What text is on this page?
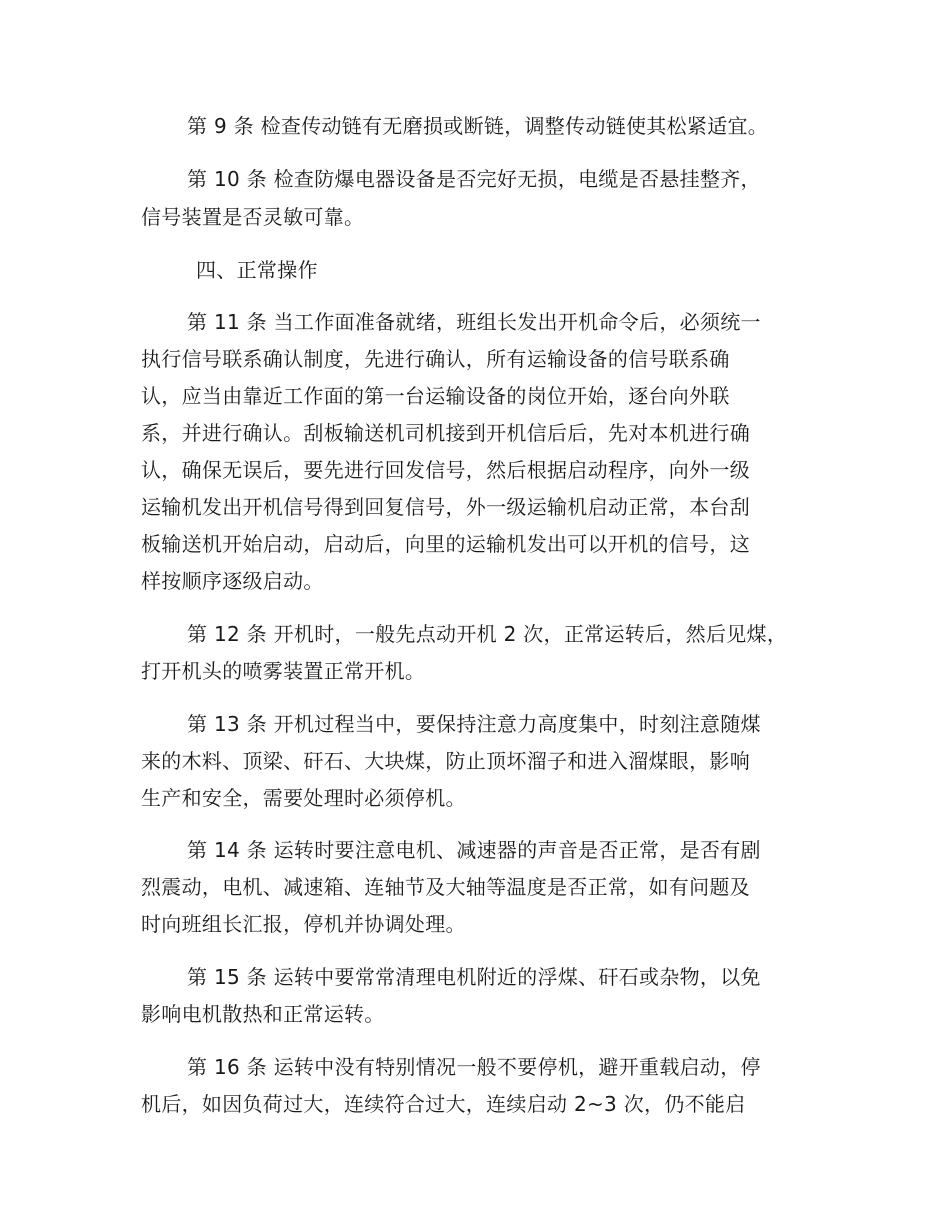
第 9 条 检查传动链有无磨损或断链，调整传动链使其松紧适宜。
第 10 条 检查防爆电器设备是否完好无损，电缆是否悬挂整齐，
信号装置是否灵敏可靠。
四、正常操作
第 11 条 当工作面准备就绪，班组长发出开机命令后，必须统一
执行信号联系确认制度，先进行确认，所有运输设备的信号联系确
认，应当由靠近工作面的第一台运输设备的岗位开始，逐台向外联
系，并进行确认。刮板输送机司机接到开机信后后，先对本机进行确
认，确保无误后，要先进行回发信号，然后根据启动程序，向外一级
运输机发出开机信号得到回复信号，外一级运输机启动正常，本台刮
板输送机开始启动，启动后，向里的运输机发出可以开机的信号，这
样按顺序逐级启动。
第 12 条 开机时，一般先点动开机 2 次，正常运转后，然后见煤，
打开机头的喷雾装置正常开机。
第 13 条 开机过程当中，要保持注意力高度集中，时刻注意随煤
来的木料、顶梁、矸石、大块煤，防止顶坏溜子和进入溜煤眼，影响
生产和安全，需要处理时必须停机。
第 14 条 运转时要注意电机、减速器的声音是否正常，是否有剧
烈震动，电机、减速箱、连轴节及大轴等温度是否正常，如有问题及
时向班组长汇报，停机并协调处理。
第 15 条 运转中要常常清理电机附近的浮煤、矸石或杂物，以免
影响电机散热和正常运转。
第 16 条 运转中没有特别情况一般不要停机，避开重载启动，停
机后，如因负荷过大，连续符合过大，连续启动 2~3 次，仍不能启
